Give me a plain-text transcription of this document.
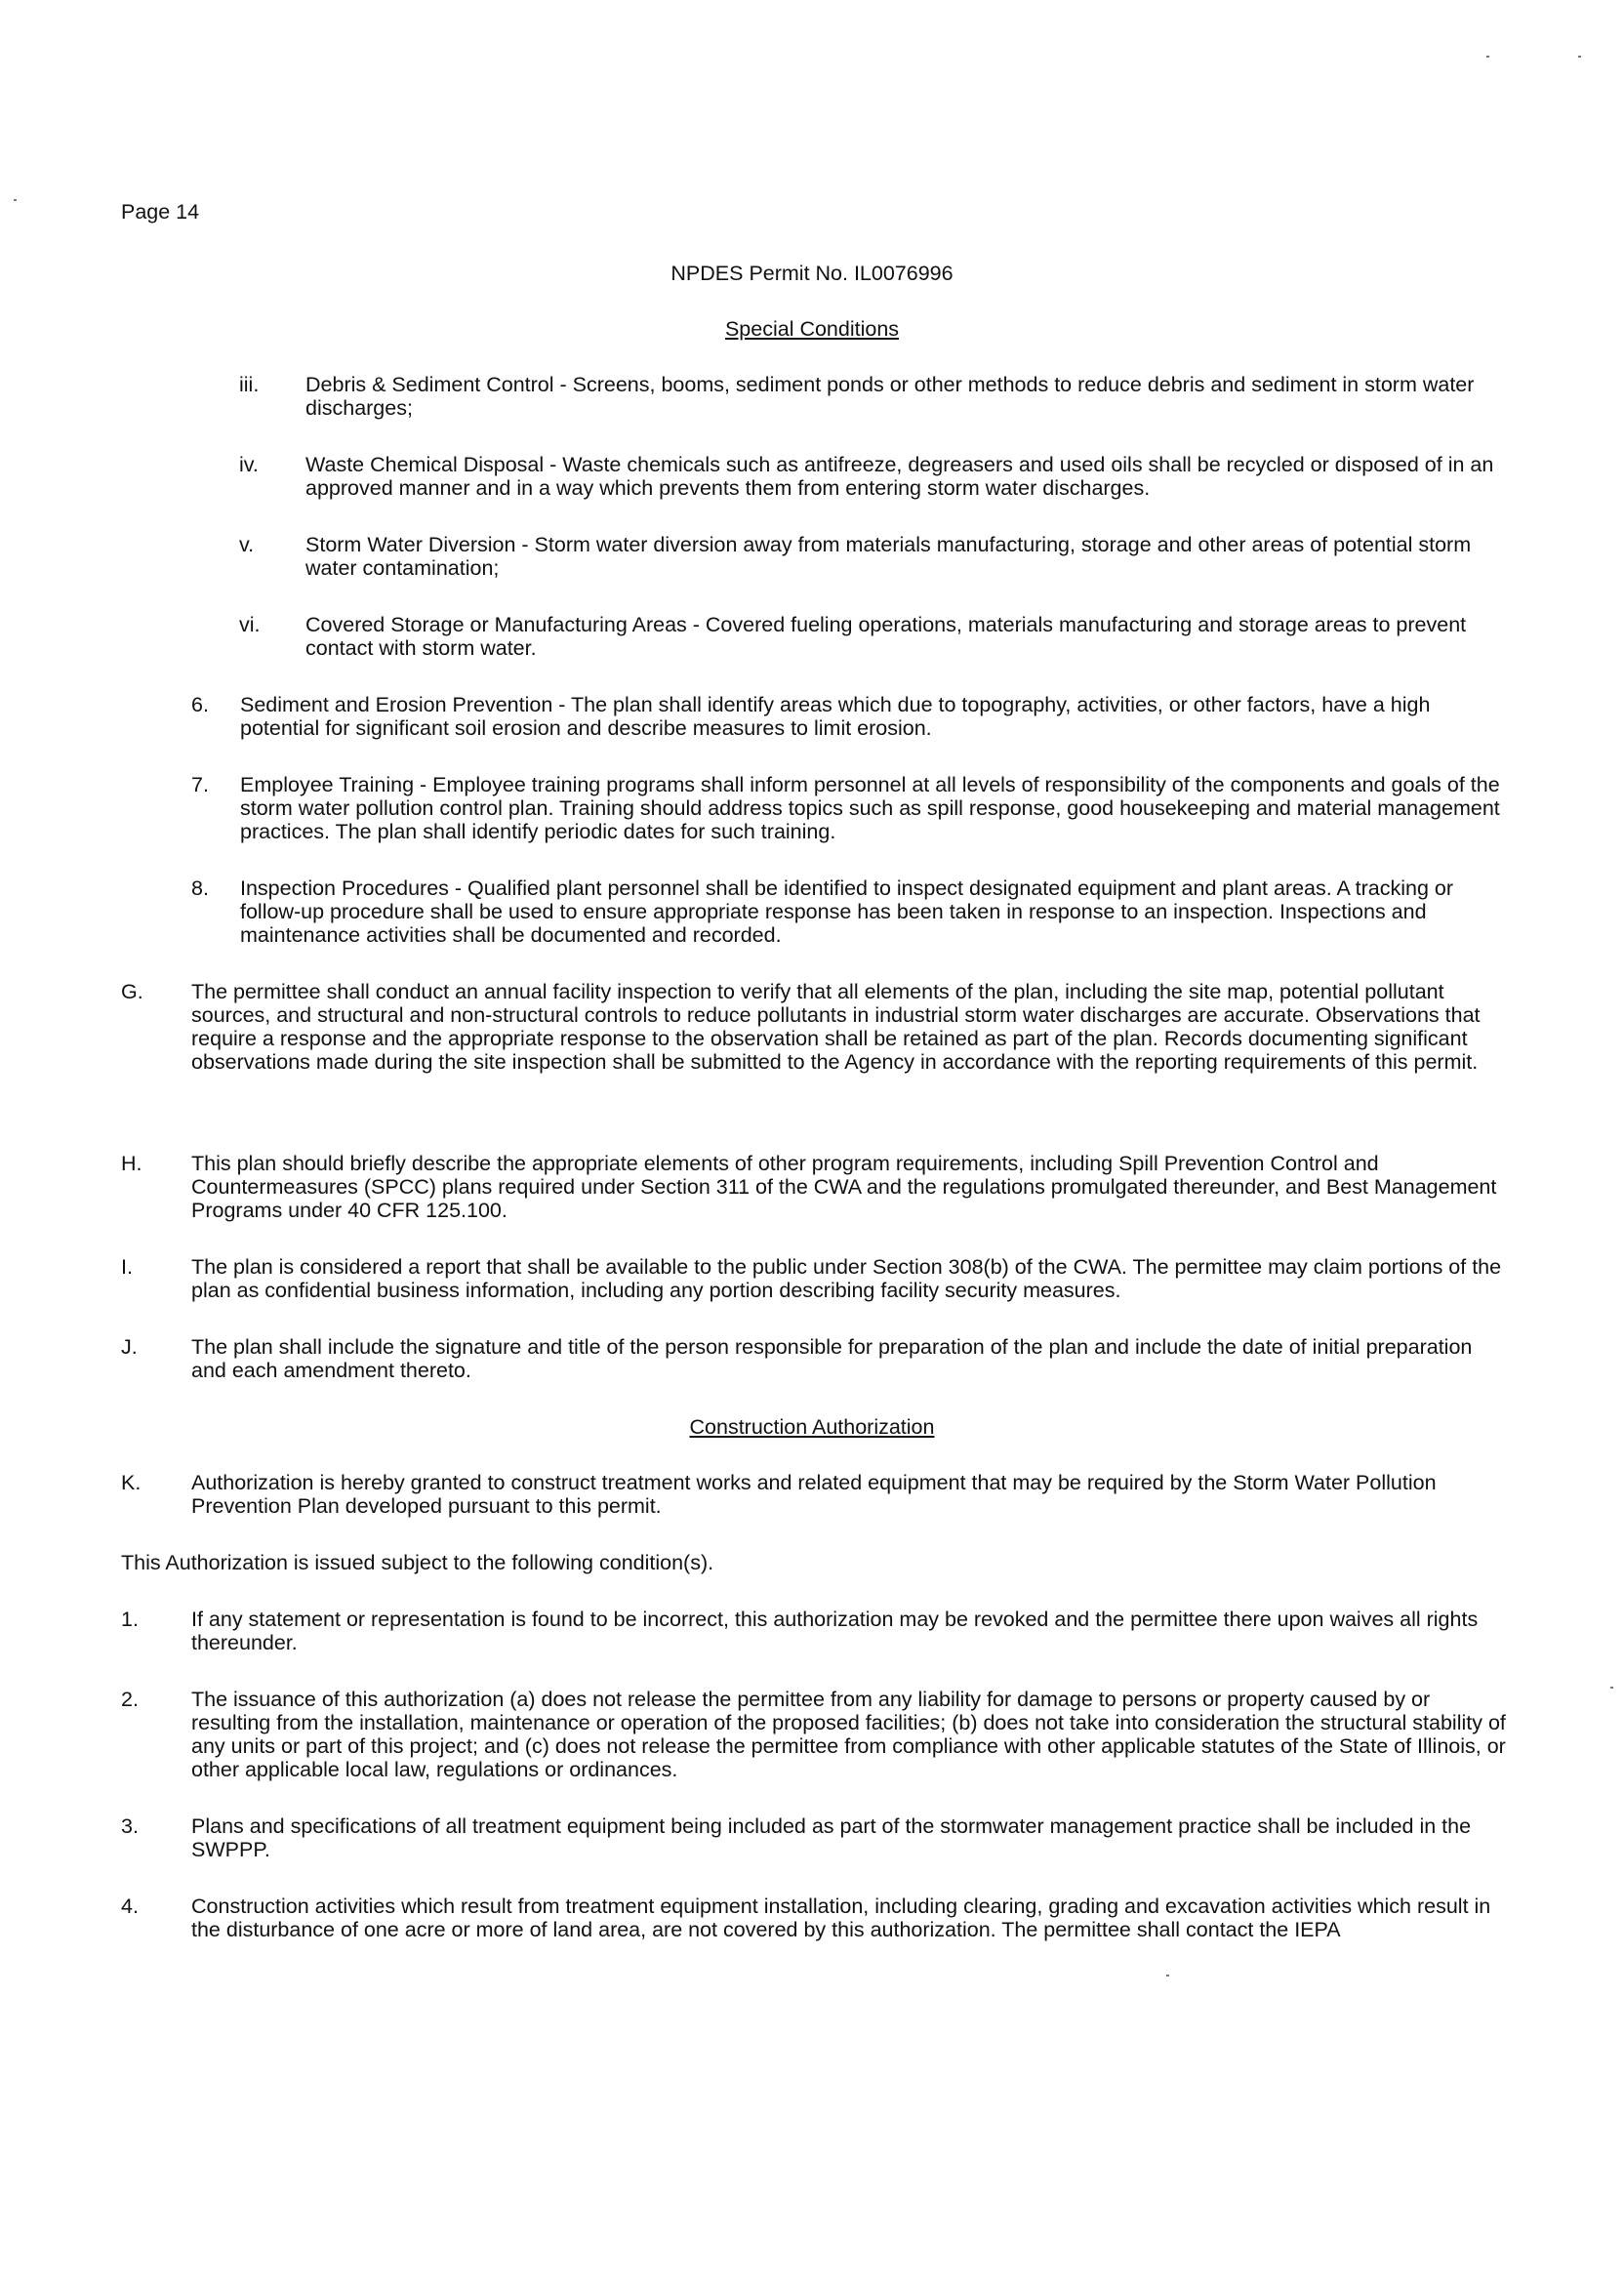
Page 14
NPDES Permit No. IL0076996
Special Conditions
iii. Debris & Sediment Control - Screens, booms, sediment ponds or other methods to reduce debris and sediment in storm water discharges;
iv. Waste Chemical Disposal - Waste chemicals such as antifreeze, degreasers and used oils shall be recycled or disposed of in an approved manner and in a way which prevents them from entering storm water discharges.
v. Storm Water Diversion - Storm water diversion away from materials manufacturing, storage and other areas of potential storm water contamination;
vi. Covered Storage or Manufacturing Areas - Covered fueling operations, materials manufacturing and storage areas to prevent contact with storm water.
6. Sediment and Erosion Prevention - The plan shall identify areas which due to topography, activities, or other factors, have a high potential for significant soil erosion and describe measures to limit erosion.
7. Employee Training - Employee training programs shall inform personnel at all levels of responsibility of the components and goals of the storm water pollution control plan. Training should address topics such as spill response, good housekeeping and material management practices. The plan shall identify periodic dates for such training.
8. Inspection Procedures - Qualified plant personnel shall be identified to inspect designated equipment and plant areas. A tracking or follow-up procedure shall be used to ensure appropriate response has been taken in response to an inspection. Inspections and maintenance activities shall be documented and recorded.
G. The permittee shall conduct an annual facility inspection to verify that all elements of the plan, including the site map, potential pollutant sources, and structural and non-structural controls to reduce pollutants in industrial storm water discharges are accurate. Observations that require a response and the appropriate response to the observation shall be retained as part of the plan. Records documenting significant observations made during the site inspection shall be submitted to the Agency in accordance with the reporting requirements of this permit.
H. This plan should briefly describe the appropriate elements of other program requirements, including Spill Prevention Control and Countermeasures (SPCC) plans required under Section 311 of the CWA and the regulations promulgated thereunder, and Best Management Programs under 40 CFR 125.100.
I.	The plan is considered a report that shall be available to the public under Section 308(b) of the CWA. The permittee may claim portions of the plan as confidential business information, including any portion describing facility security measures.
J.	The plan shall include the signature and title of the person responsible for preparation of the plan and include the date of initial preparation and each amendment thereto.
Construction Authorization
K. Authorization is hereby granted to construct treatment works and related equipment that may be required by the Storm Water Pollution Prevention Plan developed pursuant to this permit.
This Authorization is issued subject to the following condition(s).
1.	If any statement or representation is found to be incorrect, this authorization may be revoked and the permittee there upon waives all rights thereunder.
2.	The issuance of this authorization (a) does not release the permittee from any liability for damage to persons or property caused by or resulting from the installation, maintenance or operation of the proposed facilities; (b) does not take into consideration the structural stability of any units or part of this project; and (c) does not release the permittee from compliance with other applicable statutes of the State of Illinois, or other applicable local law, regulations or ordinances.
3.	Plans and specifications of all treatment equipment being included as part of the stormwater management practice shall be included in the SWPPP.
4.	Construction activities which result from treatment equipment installation, including clearing, grading and excavation activities which result in the disturbance of one acre or more of land area, are not covered by this authorization. The permittee shall contact the IEPA
